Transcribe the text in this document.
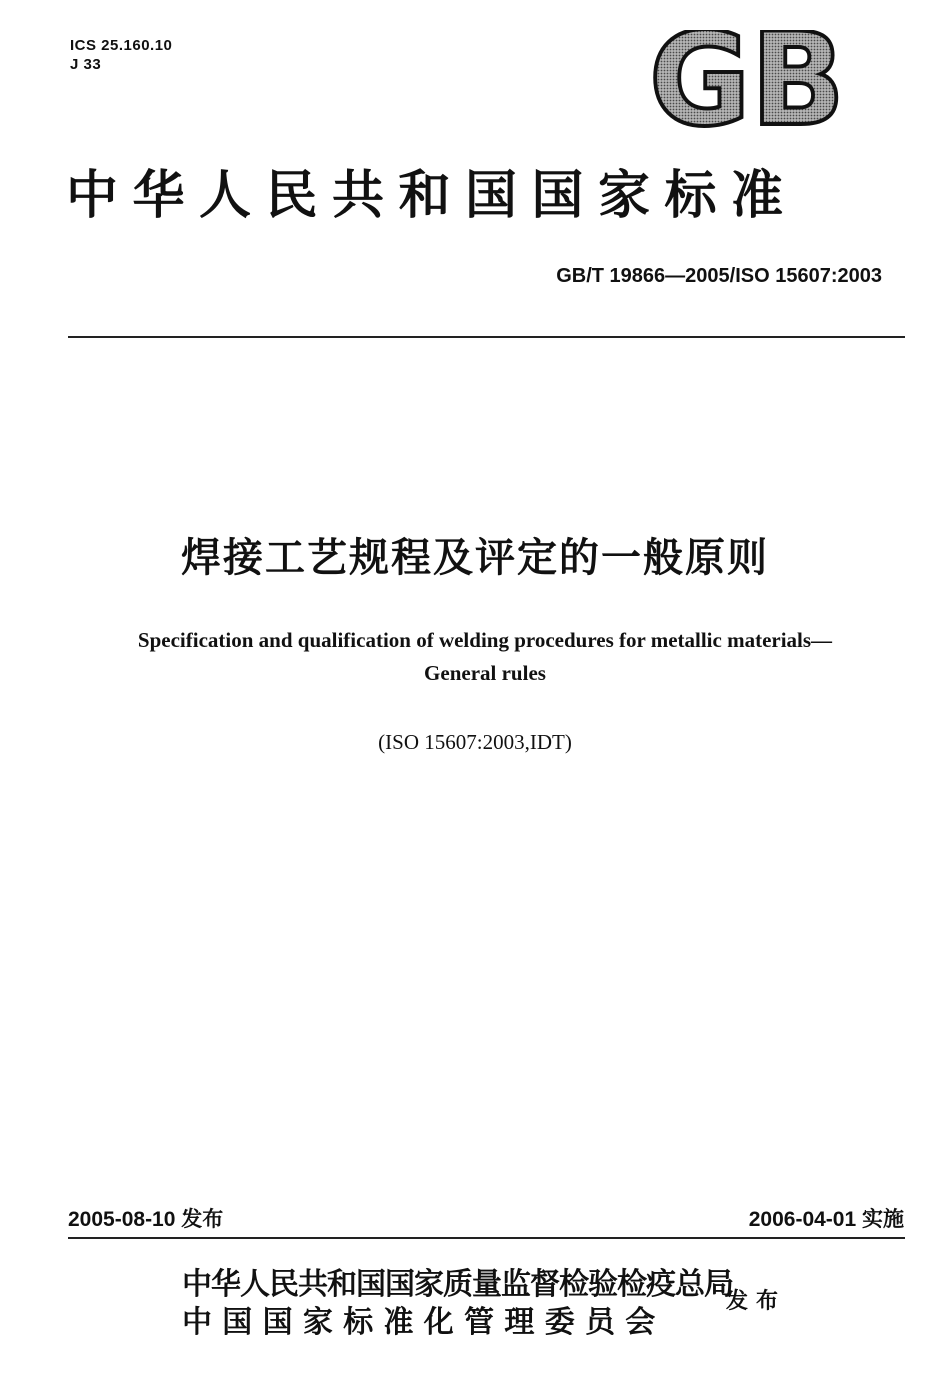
ICS 25.160.10
J 33	GB
中华人民共和国国家标准
GB/T 19866—2005/ISO 15607:2003
焊接工艺规程及评定的一般原则
Specification and qualification of welding procedures for metallic materials—
General rules
(ISO 15607:2003,IDT)
2005-08-10 发布	2006-04-01 实施
中华人民共和国国家质量监督检验检疫总局
中国国家标准化管理委员会
发布
